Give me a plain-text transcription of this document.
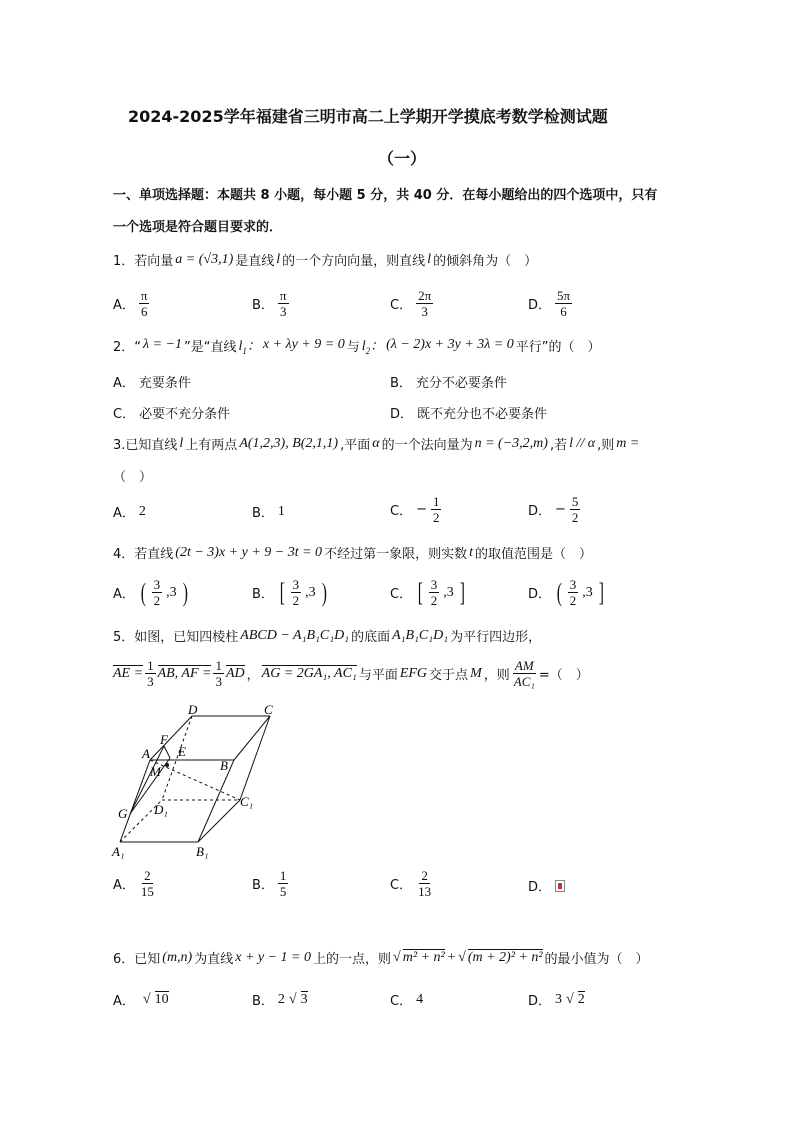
2024-2025学年福建省三明市高二上学期开学摸底考数学检测试题
（一）
一、单项选择题：本题共 8 小题，每小题 5 分，共 40 分．在每小题给出的四个选项中，只有
一个选项是符合题目要求的．
1．若向量 a = (√3,1) 是直线 l 的一个方向向量，则直线 l 的倾斜角为（　）
A． $\frac{\pi}{6}$	B． $\frac{\pi}{3}$	C． $\frac{2\pi}{3}$	D． $\frac{5\pi}{6}$
2．“ λ = −1 ”是“直线 $l_1$： x + λy + 9 = 0 与 $l_2$： (λ − 2)x + 3y + 3λ = 0 平行”的（　）
A． 充要条件	B． 充分不必要条件
C． 必要不充分条件	D． 既不充分也不必要条件
3.已知直线 l 上有两点 A(1,2,3), B(2,1,1) ,平面 α 的一个法向量为 n = (−3,2,m) ,若 l // α ,则 m =
（　）
A． 2	B． 1	C． − $\frac{1}{2}$	D． − $\frac{5}{2}$
4．若直线 (2t − 3)x + y + 9 − 3t = 0 不经过第一象限，则实数 t 的取值范围是（　）
A． ( $\frac{3}{2} ,3$ )	B． [ $\frac{3}{2} ,3$ )	C． [ $\frac{3}{2} ,3$ ]	D． ( $\frac{3}{2} ,3$ ]
5．如图，已知四棱柱 ABCD − A₁B₁C₁D₁ 的底面 A₁B₁C₁D₁ 为平行四边形，
AE = $\frac{1}{3}$ AB, AF = $\frac{1}{3}$ AD ， AG = 2GA₁, AC₁ 与平面 EFG 交于点 M ，则 $\frac{AM}{\text{AC₁}}$ =（　）
D	C
A
F
E
M	B
G D₁
C₁
A₁	B₁
A． $\frac{2}{15}$	B． $\frac{1}{5}$	C． $\frac{2}{13}$	D．
6．已知 (m,n) 为直线 x + y − 1 = 0 上的一点，则 √ m² + n² + √ (m + 2)² + n² 的最小值为（　）
A． √ 10	B． 2 √ 3	C． 4	D． 3 √ 2
